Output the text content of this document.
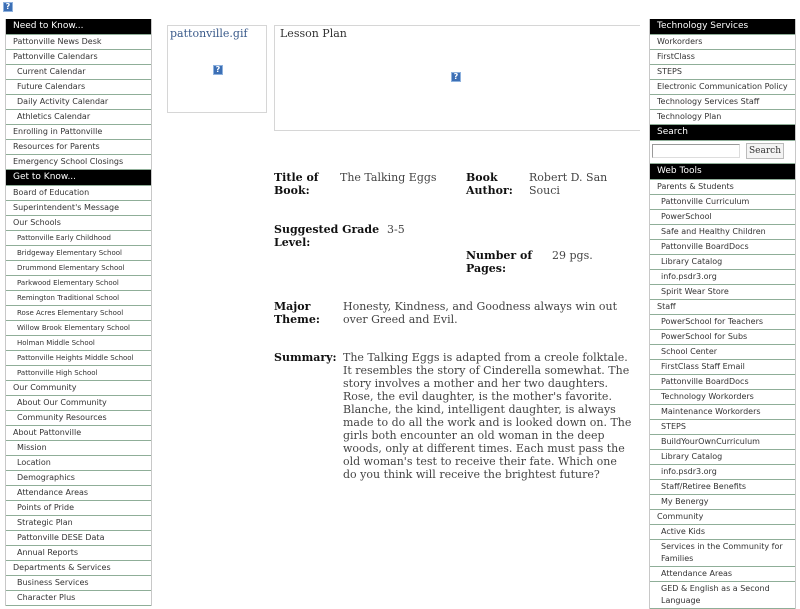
?
Need to Know...
Pattonville News Desk
Pattonville Calendars
Current Calendar
Future Calendars
Daily Activity Calendar
Athletics Calendar
Enrolling in Pattonville
Resources for Parents
Emergency School Closings
Get to Know...
Board of Education
Superintendent's Message
Our Schools
Pattonville Early Childhood
Bridgeway Elementary School
Drummond Elementary School
Parkwood Elementary School
Remington Traditional School
Rose Acres Elementary School
Willow Brook Elementary School
Holman Middle School
Pattonville Heights Middle School
Pattonville High School
Our Community
About Our Community
Community Resources
About Pattonville
Mission
Location
Demographics
Attendance Areas
Points of Pride
Strategic Plan
Pattonville DESE Data
Annual Reports
Departments & Services
Business Services
Character Plus
pattonville.gif
?
Lesson Plan
?
Title of Book:
The Talking Eggs	Book Author:
Robert D. San Souci
Suggested Grade Level:
3-5
Number of Pages:
29 pgs.
Major Theme:
Honesty, Kindness, and Goodness always win out over Greed and Evil.
Summary: The Talking Eggs is adapted from a creole folktale. It resembles the story of Cinderella somewhat. The story involves a mother and her two daughters. Rose, the evil daughter, is the mother's favorite. Blanche, the kind, intelligent daughter, is always made to do all the work and is looked down on. The girls both encounter an old woman in the deep woods, only at different times. Each must pass the old woman's test to receive their fate. Which one do you think will receive the brightest future?
Technology Services
Workorders
FirstClass
STEPS
Electronic Communication Policy
Technology Services Staff
Technology Plan
Search
Search
Web Tools
Parents & Students
Pattonville Curriculum
PowerSchool
Safe and Healthy Children
Pattonville BoardDocs
Library Catalog
info.psdr3.org
Spirit Wear Store
Staff
PowerSchool for Teachers
PowerSchool for Subs
School Center
FirstClass Staff Email
Pattonville BoardDocs
Technology Workorders
Maintenance Workorders
STEPS
BuildYourOwnCurriculum
Library Catalog
info.psdr3.org
Staff/Retiree Benefits
My Benergy
Community
Active Kids
Services in the Community for Families
Attendance Areas
GED & English as a Second Language
